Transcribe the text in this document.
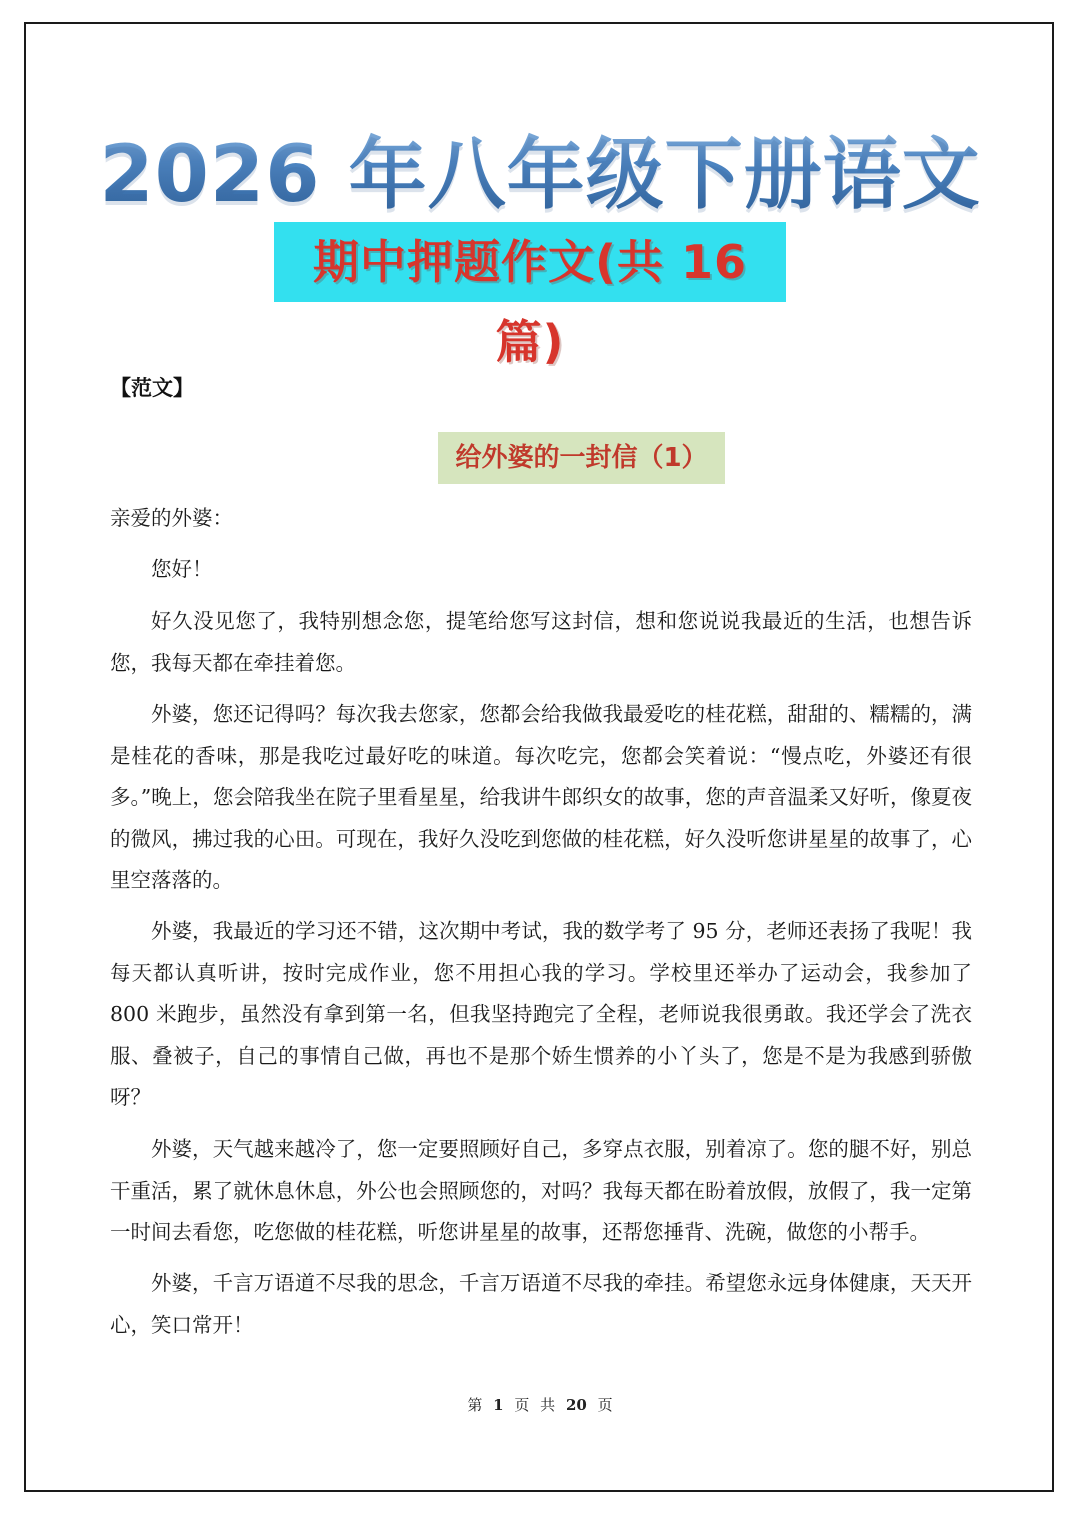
2026 年八年级下册语文
期中押题作文(共 16 篇)
【范文】
给外婆的一封信（1）

亲爱的外婆：

您好！

好久没见您了，我特别想念您，提笔给您写这封信，想和您说说我最近的生活，也想告诉您，我每天都在牵挂着您。

外婆，您还记得吗？每次我去您家，您都会给我做我最爱吃的桂花糕，甜甜的、糯糯的，满是桂花的香味，那是我吃过最好吃的味道。每次吃完，您都会笑着说：“慢点吃，外婆还有很多。”晚上，您会陪我坐在院子里看星星，给我讲牛郎织女的故事，您的声音温柔又好听，像夏夜的微风，拂过我的心田。可现在，我好久没吃到您做的桂花糕，好久没听您讲星星的故事了，心里空落落的。

外婆，我最近的学习还不错，这次期中考试，我的数学考了 95 分，老师还表扬了我呢！我每天都认真听讲，按时完成作业，您不用担心我的学习。学校里还举办了运动会，我参加了 800 米跑步，虽然没有拿到第一名，但我坚持跑完了全程，老师说我很勇敢。我还学会了洗衣服、叠被子，自己的事情自己做，再也不是那个娇生惯养的小丫头了，您是不是为我感到骄傲呀？

外婆，天气越来越冷了，您一定要照顾好自己，多穿点衣服，别着凉了。您的腿不好，别总干重活，累了就休息休息，外公也会照顾您的，对吗？我每天都在盼着放假，放假了，我一定第一时间去看您，吃您做的桂花糕，听您讲星星的故事，还帮您捶背、洗碗，做您的小帮手。

外婆，千言万语道不尽我的思念，千言万语道不尽我的牵挂。希望您永远身体健康，天天开心，笑口常开！

第 1 页 共 20 页
